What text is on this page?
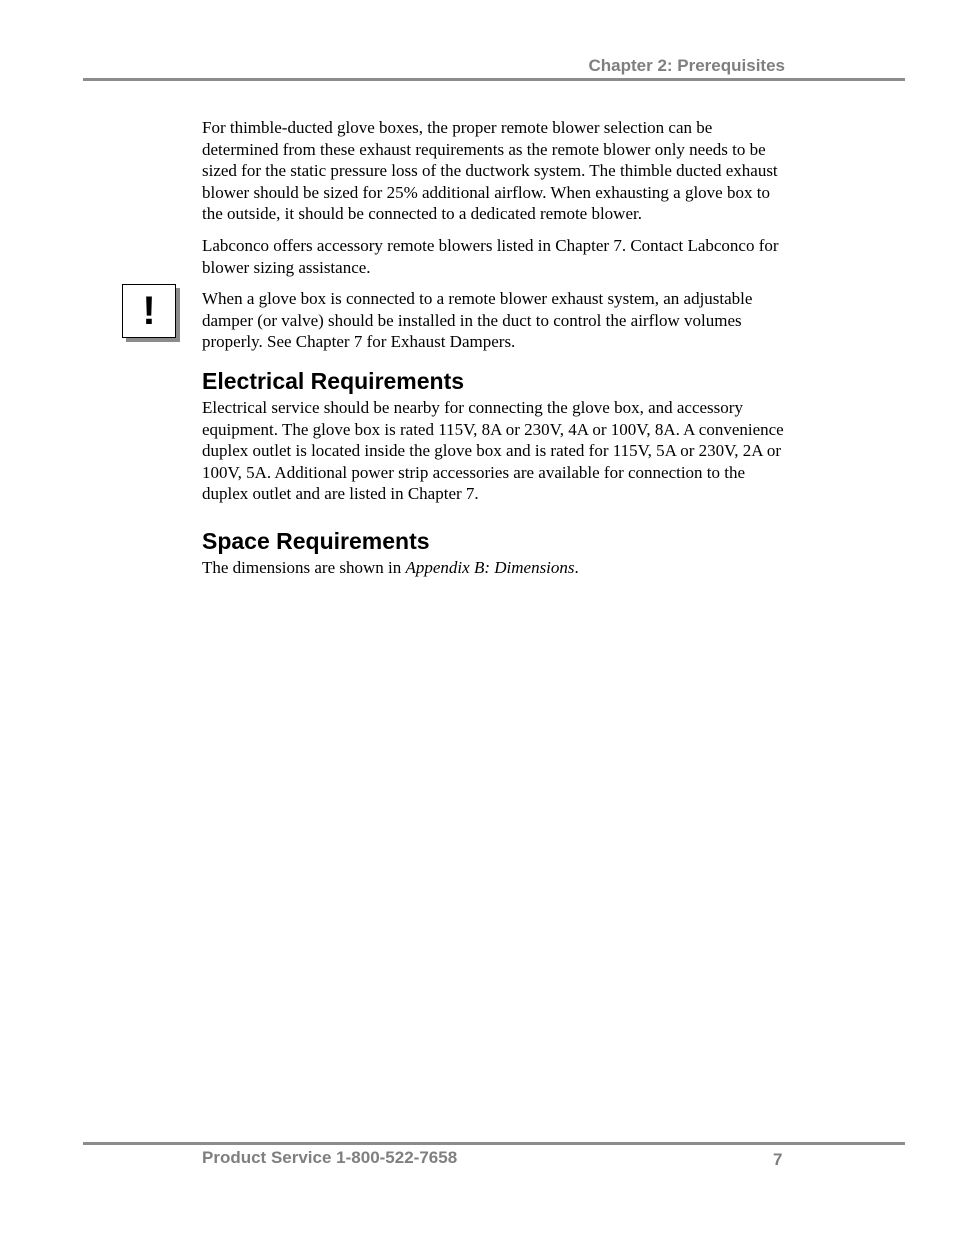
Chapter 2: Prerequisites

For thimble-ducted glove boxes, the proper remote blower selection can be determined from these exhaust requirements as the remote blower only needs to be sized for the static pressure loss of the ductwork system. The thimble ducted exhaust blower should be sized for 25% additional airflow. When exhausting a glove box to the outside, it should be connected to a dedicated remote blower.

Labconco offers accessory remote blowers listed in Chapter 7. Contact Labconco for blower sizing assistance.

!	When a glove box is connected to a remote blower exhaust system, an adjustable damper (or valve) should be installed in the duct to control the airflow volumes properly. See Chapter 7 for Exhaust Dampers.

Electrical Requirements

Electrical service should be nearby for connecting the glove box, and accessory equipment. The glove box is rated 115V, 8A or 230V, 4A or 100V, 8A. A convenience duplex outlet is located inside the glove box and is rated for 115V, 5A or 230V, 2A or 100V, 5A. Additional power strip accessories are available for connection to the duplex outlet and are listed in Chapter 7.

Space Requirements

The dimensions are shown in Appendix B: Dimensions.

Product Service 1-800-522-7658	7
